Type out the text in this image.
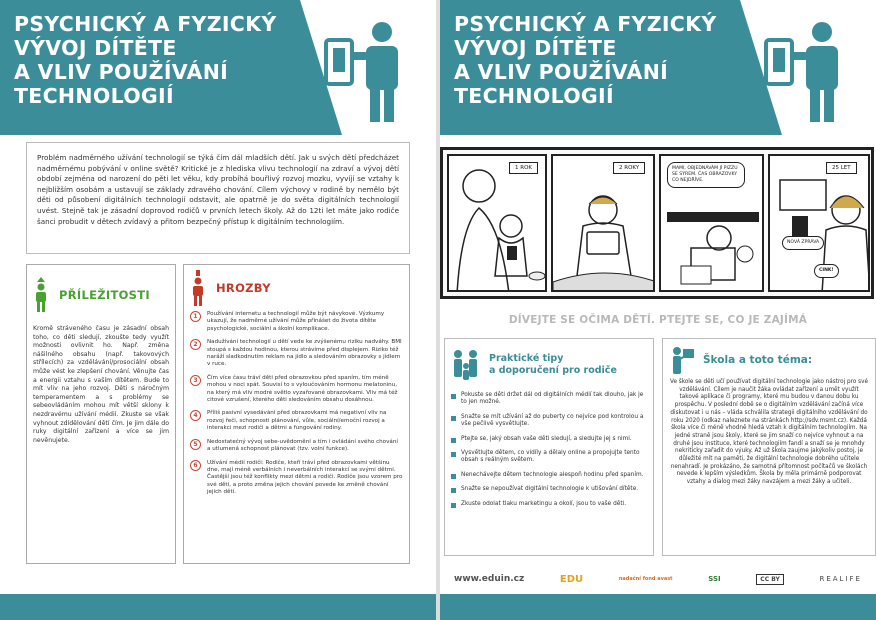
PSYCHICKÝ A FYZICKÝ
VÝVOJ DÍTĚTE
A VLIV POUŽÍVÁNÍ
TECHNOLOGIÍ
Problém nadměrného užívání technologií se týká čím dál mladších dětí. Jak u svých dětí předcházet nadměrnému pobývání v online světě? Kritické je z hlediska vlivu technologií na zdraví a vývoj dětí období zejména od narození do pěti let věku, kdy probíhá bouřlivý rozvoj mozku, vyvíjí se vztahy k nejbližším osobám a ustavují se základy zdravého chování. Cílem výchovy v rodině by nemělo být děti od působení digitálních technologií odstavit, ale opatrně je do světa digitálních technologií uvést. Stejně tak je zásadní doprovod rodičů v prvních letech školy. Až do 12ti let máte jako rodiče šanci probudit v dětech zvídavý a přitom bezpečný přístup k digitálním technologiím.
PŘÍLEŽITOSTI
Kromě stráveného času je zásadní obsah toho, co děti sledují, zkoušte tedy využít možnosti ovlivnit ho. Např. změna nášilného obsahu (např. takovových střílecích) za vzdělávání/prosociální obsah může vést ke zlepšení chování. Věnujte čas a energii vztahu s vaším dítětem. Bude to mít vliv na jeho rozvoj. Děti s náročným temperamentem a s problémy se sebeovládáním mohou mít větší sklony k nezdravému užívání médií. Zkuste se však vyhnout zdídělování dětí čím. Je jim dále do ruky digitální zařízení a více se jim nevěnujete.
HROZBY
1	Používání internetu a technologií může být návykové. Výzkumy ukazují, že nadměrné užívání může přinášet do života dítěte psychologické, sociální a školní komplikace.
2	Nadužívání technologií u dětí vede ke zvýšenému riziku nadváhy. BMI stoupá s každou hodinou, kterou strávíme před displejem. Riziko též naráží sladkodnutím reklam na jídlo a sledováním obrazovky s jídlem v ruce.
3	Čím více času tráví děti před obrazovkou před spaním, tím méně mohou v noci spát. Souvisí to s vyloučováním hormonu melatoninu, na který má vliv modré světlo vyzařované obrazovkami. Vliv má též citové vzrušení, kterého děti sledováním obsahu dosáhnou.
4	Příliš pasivní vysedávání před obrazovkami má negativní vliv na rozvoj řeči, schopnosti plánování, vůle, sociální/emoční rozvoj a interakci mezi rodiči a dětmi a fungování rodiny.
5	Nedostatečný vývoj sebe-uvědomění a tím i ovládání svého chování a utlumená schopnost plánovat (tzv. volní funkce).
6	Užívání médií rodiči: Rodiče, kteří tráví před obrazovkami většinu dne, mají méně verbálních i neverbálních interakcí se svými dětmi. Častější jsou též konflikty mezi dětmi a rodiči. Rodiče jsou vzorem pro své děti, a proto změna jejich chování povede ke změně chování jejich dětí.
PSYCHICKÝ A FYZICKÝ
VÝVOJ DÍTĚTE
A VLIV POUŽÍVÁNÍ
TECHNOLOGIÍ
1 ROK	2 ROKY	MAMI, OBJEDNÁVÁM JÍ PIZZU SE SÝREM. ČAS OBRAZOVKY CO NEJDŘÍVE.
25 LET
NOVÁ ZPRÁVA
CINK!
DÍVEJTE SE OČIMA DĚTÍ. PTEJTE SE, CO JE ZAJÍMÁ
Praktické tipy
a doporučení pro rodiče
Pokuste se děti držet dál od digitálních médií tak dlouho, jak je to jen možné.
Snažte se mít užívání až do puberty co nejvíce pod kontrolou a vše pečlivě vysvětlujte.
Ptejte se, jaký obsah vaše děti sledují, a sledujte jej s nimi.
Vysvětlujte dětem, co vidíly a dělaly online a propojujte tento obsah s reálným světem.
Nenechávejte dětem technologie alespoň hodinu před spaním.
Snažte se nepoužívat digitální technologie k utišování dítěte.
Zkuste odolat tlaku marketingu a okolí, jsou to vaše děti.
Škola a toto téma:
Ve škole se děti učí používat digitální technologie jako nástroj pro své vzdělávání. Cílem je naučit žáka ovládat zařízení a umět využít takové aplikace či programy, které mu budou v danou dobu ku prospěchu. V poslední době se o digitálním vzdělávání začíná více diskutovat i u nás – vláda schválila strategii digitálního vzdělávání do roku 2020 (odkaz naleznete na stránkách http://sdv.msmt.cz). Každá škola více či méně vhodně hledá vztah k digitálním technologiím. Na jedné straně jsou školy, které se jim snaží co nejvíce vyhnout a na druhé jsou instituce, které technologiím fandí a snaží se je mnohdy nekriticky zařadit do výuky. Až už škola zaujme jakýkoliv postoj, je důležité mít na paměti, že digitální technologie dobrého učitele nenahradí. Je prokázáno, že samotná přítomnost počítačů ve školách nevede k lepším výsledkům. Škola by měla primárně podporovat vztahy a dialog mezi žáky navzájem a mezi žáky a učiteli.
www.eduin.cz	EDU	nadační fond avast	SSI	CC BY	REALIFE
